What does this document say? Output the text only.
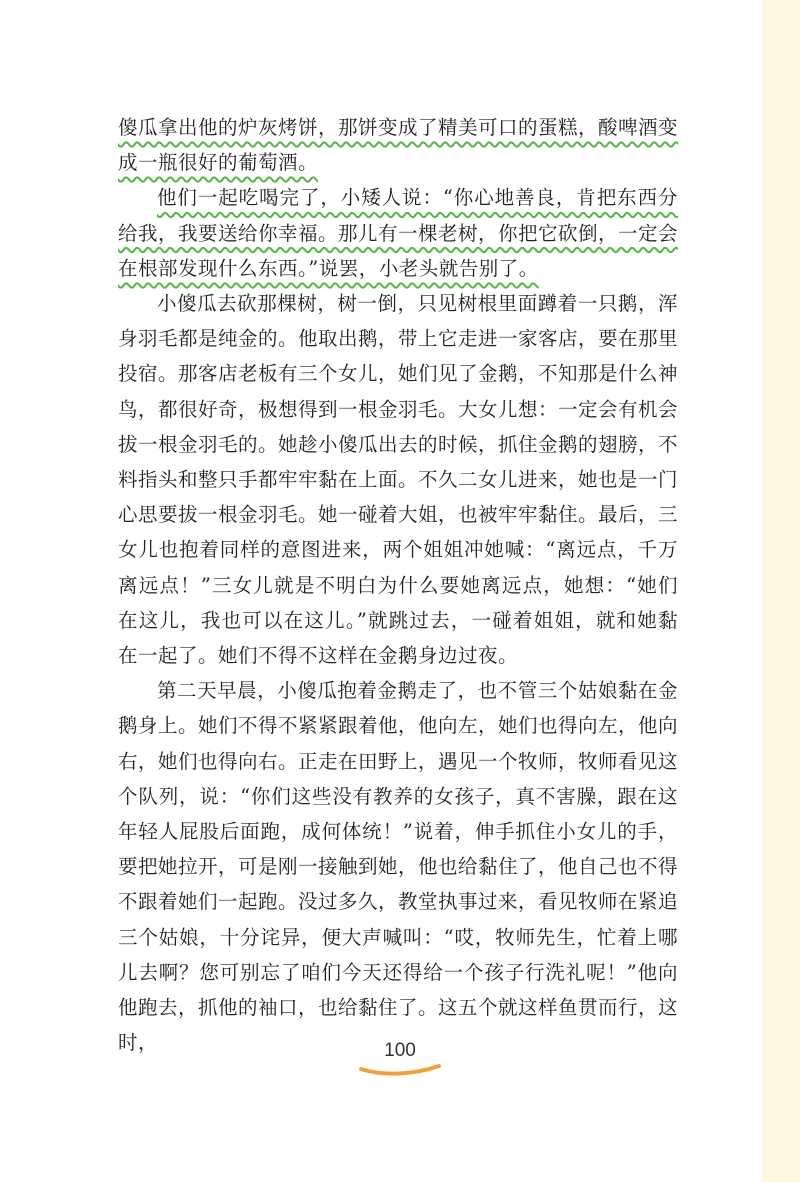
傻瓜拿出他的炉灰烤饼，那饼变成了精美可口的蛋糕，酸啤酒变成一瓶很好的葡萄酒。

他们一起吃喝完了，小矮人说：“你心地善良，肯把东西分给我，我要送给你幸福。那儿有一棵老树，你把它砍倒，一定会在根部发现什么东西。”说罢，小老头就告别了。

小傻瓜去砍那棵树，树一倒，只见树根里面蹲着一只鹅，浑身羽毛都是纯金的。他取出鹅，带上它走进一家客店，要在那里投宿。那客店老板有三个女儿，她们见了金鹅，不知那是什么神鸟，都很好奇，极想得到一根金羽毛。大女儿想：一定会有机会拔一根金羽毛的。她趁小傻瓜出去的时候，抓住金鹅的翅膀，不料指头和整只手都牢牢黏在上面。不久二女儿进来，她也是一门心思要拔一根金羽毛。她一碰着大姐，也被牢牢黏住。最后，三女儿也抱着同样的意图进来，两个姐姐冲她喊：“离远点，千万离远点！”三女儿就是不明白为什么要她离远点，她想：“她们在这儿，我也可以在这儿。”就跳过去，一碰着姐姐，就和她黏在一起了。她们不得不这样在金鹅身边过夜。

第二天早晨，小傻瓜抱着金鹅走了，也不管三个姑娘黏在金鹅身上。她们不得不紧紧跟着他，他向左，她们也得向左，他向右，她们也得向右。正走在田野上，遇见一个牧师，牧师看见这个队列，说：“你们这些没有教养的女孩子，真不害臊，跟在这年轻人屁股后面跑，成何体统！”说着，伸手抓住小女儿的手，要把她拉开，可是刚一接触到她，他也给黏住了，他自己也不得不跟着她们一起跑。没过多久，教堂执事过来，看见牧师在紧追三个姑娘，十分诧异，便大声喊叫：“哎，牧师先生，忙着上哪儿去啊？您可别忘了咱们今天还得给一个孩子行洗礼呢！”他向他跑去，抓他的袖口，也给黏住了。这五个就这样鱼贯而行，这时，	100
